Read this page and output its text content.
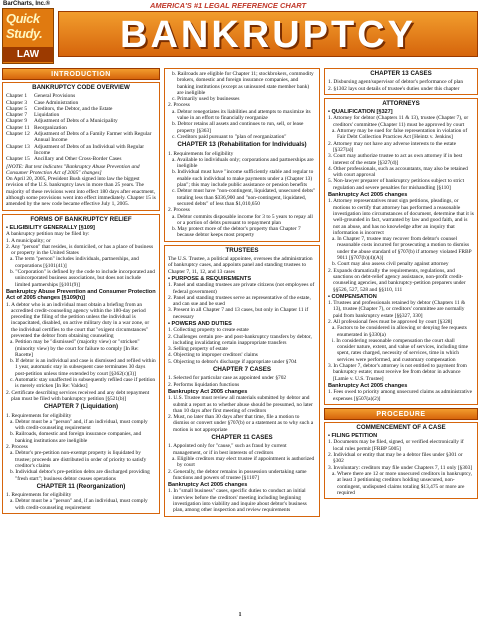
BarCharts, Inc.®	AMERICA'S #1 LEGAL REFERENCE CHART
Quick
Study.
LAW	BANKRUPTCY
INTRODUCTION
BANKRUPTCY CODE OVERVIEW
Chapter 1	General Provisions
Chapter 3	Case Administration
Chapter 5	Creditors, the Debtor, and the Estate
Chapter 7	Liquidation
Chapter 9	Adjustment of Debts of a Municipality
Chapter 11 Reorganization
Chapter 12 Adjustment of Debts of a Family Farmer with Regular Annual Income
Chapter 13 Adjustment of Debts of an Individual with Regular Income
Chapter 15 Ancillary and Other Cross-Border Cases
[NOTE: But text indicates "Bankruptcy Abuse Prevention and Consumer Protection Act of 2005" changes]
On April 20, 2005, President Bush signed into law the biggest revision of the U.S. bankruptcy laws in more than 25 years. The majority of these revisions went into effect 180 days after enactment, although some provisions went into effect immediately. Chapter 15 is amended by the new code became effective July 1, 2005.
FORMS OF BANKRUPTCY RELIEF
• ELIGIBILITY GENERALLY [§109]
A bankruptcy petition may be filed by:
1. A municipality; or
2. Any "person" that resides, is domiciled, or has a place of business or property in the United States
a. The term "person" includes individuals, partnerships, and corporations [§101(41)]
b. "Corporation" is defined by the code to include incorporated and unincorporated business associations, but does not include limited partnerships [§101(9)]
Bankruptcy Abuse Prevention and Consumer Protection Act of 2005 changes [§109(h)]
1. A debtor who is an individual must obtain a briefing from an accredited credit-counseling agency within the 180-day period preceding the filing of the petition unless the individual is incapacitated, disabled, on active military duty in a war zone, or the individual certifies to the court that "exigent circumstances" prevented the debtor from obtaining counseling
a. Petition may be "dismissed" (majority view) or "stricken" (minority view) by the court for failure to comply [In Re: Racette]
b. If debtor is an individual and case is dismissed and refiled within 1 year, automatic stay in subsequent case terminates 30 days post-petition unless time extended by court [§362(c)(3)]
c. Automatic stay unaffected in subsequently refiled case if petition is merely stricken [In Re: Valdez]
2. Certificate describing services received and any debt repayment plan must be filed with bankruptcy petition [§521(b)]
CHAPTER 7 (Liquidation)
1. Requirements for eligibility
a. Debtor must be a "person" and, if an individual, must comply with credit-counseling requirement
b. Railroads, domestic and foreign insurance companies, and banking institutions are ineligible
2. Process
a. Debtor's pre-petition non-exempt property is liquidated by trustee; proceeds are distributed in order of priority to satisfy creditor's claims
b. Individual debtor's pre-petition debts are discharged providing "fresh start"; business debtor ceases operations
CHAPTER 11 (Reorganization)
1. Requirements for eligibility
a. Debtor must be a "person" and, if an individual, must comply with credit-counseling requirement
b. Railroads are eligible for Chapter 11; stockbrokers, commodity brokers, domestic and foreign insurance companies, and banking institutions (except as uninsured state member bank) are ineligible
c. Primarily used by businesses
2. Process
a. Debtor renegotiates its liabilities and attempts to maximize its value in an effort to financially reorganize
b. Debtor retains all assets and continues to run, sell, or lease property [§363]
c. Creditors paid pursuant to "plan of reorganization"
CHAPTER 13 (Rehabilitation for Individuals)
1. Requirements for eligibility
a. Available to individuals only; corporations and partnerships are ineligible
b. Individual must have "income sufficiently stable and regular to enable such individual to make payments under a (Chapter 13) plan"; this may include public assistance or pension benefits
c. Debtor must have "non-contingent, liquidated, unsecured debts" totaling less than $336,900 and "non-contingent, liquidated, secured debts" of less than $1,010,650
2. Process
a. Debtor commits disposable income for 3 to 5 years to repay all or a portion of debts pursuant to repayment plan
b. May protect more of the debtor's property than Chapter 7 because debtor keeps most property
TRUSTEES
The U.S. Trustee, a political appointee, oversees the administration of bankruptcy cases, and appoints panel and standing trustees to Chapter 7, 11, 12, and 13 cases
• PURPOSE & REQUIREMENTS
1. Panel and standing trustees are private citizens (not employees of federal government)
2. Panel and standing trustees serve as representative of the estate, and can sue and be sued
3. Present in all Chapter 7 and 13 cases, but only in Chapter 11 if necessary
• POWERS AND DUTIES
1. Collecting property to create estate
2. Challenges certain pre- and post-bankruptcy transfers by debtor, including invalidating certain inappropriate transfers
3. Selling property of estate
4. Objecting to improper creditors' claims
5. Objecting to debtor's discharge if appropriate under §704
CHAPTER 7 CASES
1. Selected for particular case as appointed under §702
2. Performs liquidation functions
Bankruptcy Act 2005 changes
1. U.S. Trustee must review all materials submitted by debtor and submit a report as to whether abuse should be presumed, no later than 10 days after first meeting of creditors
2. Must, no later than 30 days after that time, file a motion to dismiss or convert under §707(b) or a statement as to why such a motion is not appropriate
CHAPTER 11 CASES
1. Appointed only for "cause," such as fraud by current management, or if in best interests of creditors
a. Eligible creditors may elect trustee if appointment is authorized by court
2. Generally, the debtor remains in possession undertaking same functions and powers of trustee [§1107]
Bankruptcy Act 2005 changes
1. In "small business" cases, specific duties to conduct an initial interview before the creditors' meeting including beginning investigation into viability and inquire about debtor's business plan, among other inspection and review requirements
CHAPTER 13 CASES
1. Disbursing agent/supervisor of debtor's performance of plan
2. §1302 lays out details of trustee's duties under this chapter
ATTORNEYS
• QUALIFICATION [§327]
1. Attorney for debtor (Chapters 11 & 13), trustee (Chapter 7), or creditors' committee (Chapter 11) must be approved by court
a. Attorney may be sued for false representation in violation of Fair Debt Collection Practices Act [Heintz v. Jenkins]
2. Attorney may not have any adverse interests to the estate [§327(a)]
3. Court may authorize trustee to act as own attorney if in best interest of the estate [§327(d)]
4. Other professionals, such as accountants, may also be retained with court approval
5. Non-lawyer preparer of bankruptcy petitions subject to strict regulation and severe penalties for mishandling [§110]
Bankruptcy Act 2005 changes
1. Attorney representatives must sign petitions, pleadings, or motions to certify that attorney has performed a reasonable investigation into circumstances of document, determine that it is well-grounded in fact, warranted by law and good faith, and is not an abuse, and has no knowledge after an inquiry that information is incorrect
a. In Chapter 7, trustee may recover from debtor's counsel reasonable costs incurred for prosecuting a motion to dismiss under the abuse standard of §707(b) if attorney violated FRBP 9011 [§707(b)(4)(A)]
b. Court may also assess civil penalty against attorney
2. Expands dramatically the requirements, regulations, and sanctions on debt-relief agency assistance, non-profit credit-counseling agencies, and bankruptcy-petition preparers under §§526, 527, 528 and §§110, 111
• COMPENSATION
1. Trustees and professionals retained by debtor (Chapters 11 & 13), trustee (Chapter 7), or creditors' committee are normally paid from bankruptcy estate [§§327, 330]
2. All professional fees must be approved by court [§328]
a. Factors to be considered in allowing or denying fee requests enumerated in §330(a)
i. In considering reasonable compensation the court shall consider nature, extent, and value of services, including time spent, rates charged, necessity of services, time in which services were performed, and customary compensation
3. In Chapter 7, debtor's attorney is not entitled to payment from bankruptcy estate; must receive fee from debtor in advance [Lamie v. U.S. Trustee]
Bankruptcy Act 2005 changes
1. Fees owed to priority among unsecured claims as administrative expenses [§507(a)(2)]
PROCEDURE
COMMENCEMENT OF A CASE
• FILING PETITION
1. Documents may be filed, signed, or verified electronically if local rules permit [FRBP 5005]
2. Individual or entity that may be a debtor files under §301 or §302
3. Involuntary: creditors may file under Chapters 7, 11 only [§303]
a. Where there are 12 or more unsecured creditors in bankruptcy, at least 3 petitioning creditors holding unsecured, non-contingent, undisputed claims totaling $13,475 or more are required
1
